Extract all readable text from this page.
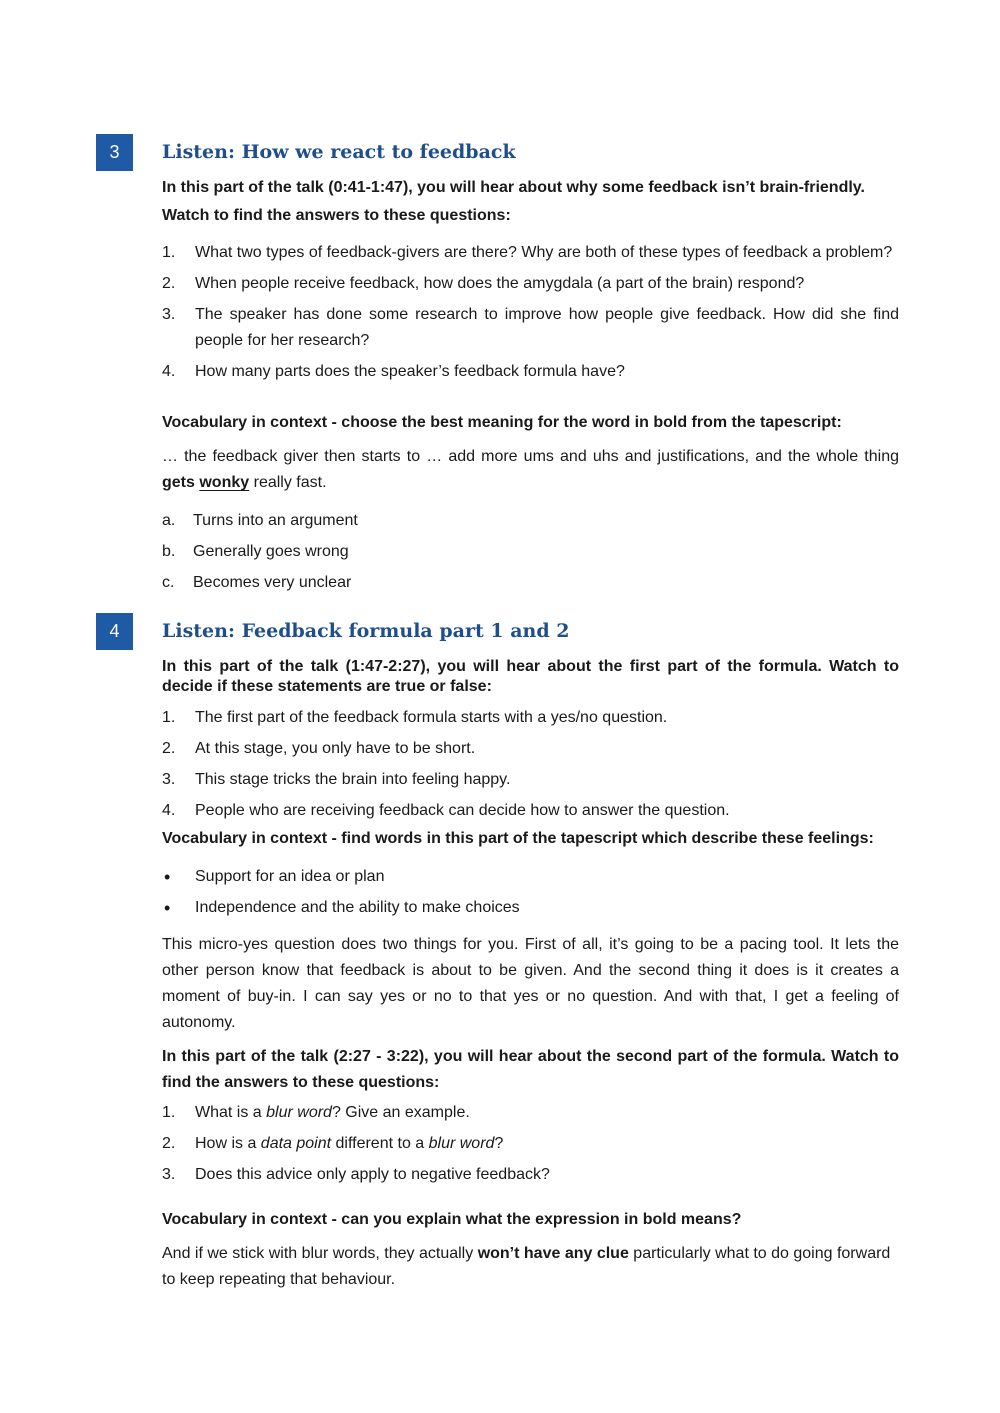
3	Listen: How we react to feedback

In this part of the talk (0:41-1:47), you will hear about why some feedback isn’t brain-friendly.

Watch to find the answers to these questions:

1. What two types of feedback-givers are there? Why are both of these types of feedback a problem?
2. When people receive feedback, how does the amygdala (a part of the brain) respond?
3. The speaker has done some research to improve how people give feedback. How did she find people for her research?
4. How many parts does the speaker’s feedback formula have?

Vocabulary in context - choose the best meaning for the word in bold from the tapescript:

… the feedback giver then starts to … add more ums and uhs and justifications, and the whole thing gets wonky really fast.

a. Turns into an argument
b. Generally goes wrong
c. Becomes very unclear
4	Listen: Feedback formula part 1 and 2

In this part of the talk (1:47-2:27), you will hear about the first part of the formula. Watch to decide if these statements are true or false:

1. The first part of the feedback formula starts with a yes/no question.
2. At this stage, you only have to be short.
3. This stage tricks the brain into feeling happy.
4. People who are receiving feedback can decide how to answer the question.

Vocabulary in context - find words in this part of the tapescript which describe these feelings:

• Support for an idea or plan
• Independence and the ability to make choices

This micro-yes question does two things for you. First of all, it’s going to be a pacing tool. It lets the other person know that feedback is about to be given. And the second thing it does is it creates a moment of buy-in. I can say yes or no to that yes or no question. And with that, I get a feeling of autonomy.

In this part of the talk (2:27 - 3:22), you will hear about the second part of the formula. Watch to find the answers to these questions:

1. What is a blur word? Give an example.
2. How is a data point different to a blur word?
3. Does this advice only apply to negative feedback?

Vocabulary in context - can you explain what the expression in bold means?

And if we stick with blur words, they actually won’t have any clue particularly what to do going forward to keep repeating that behaviour.
